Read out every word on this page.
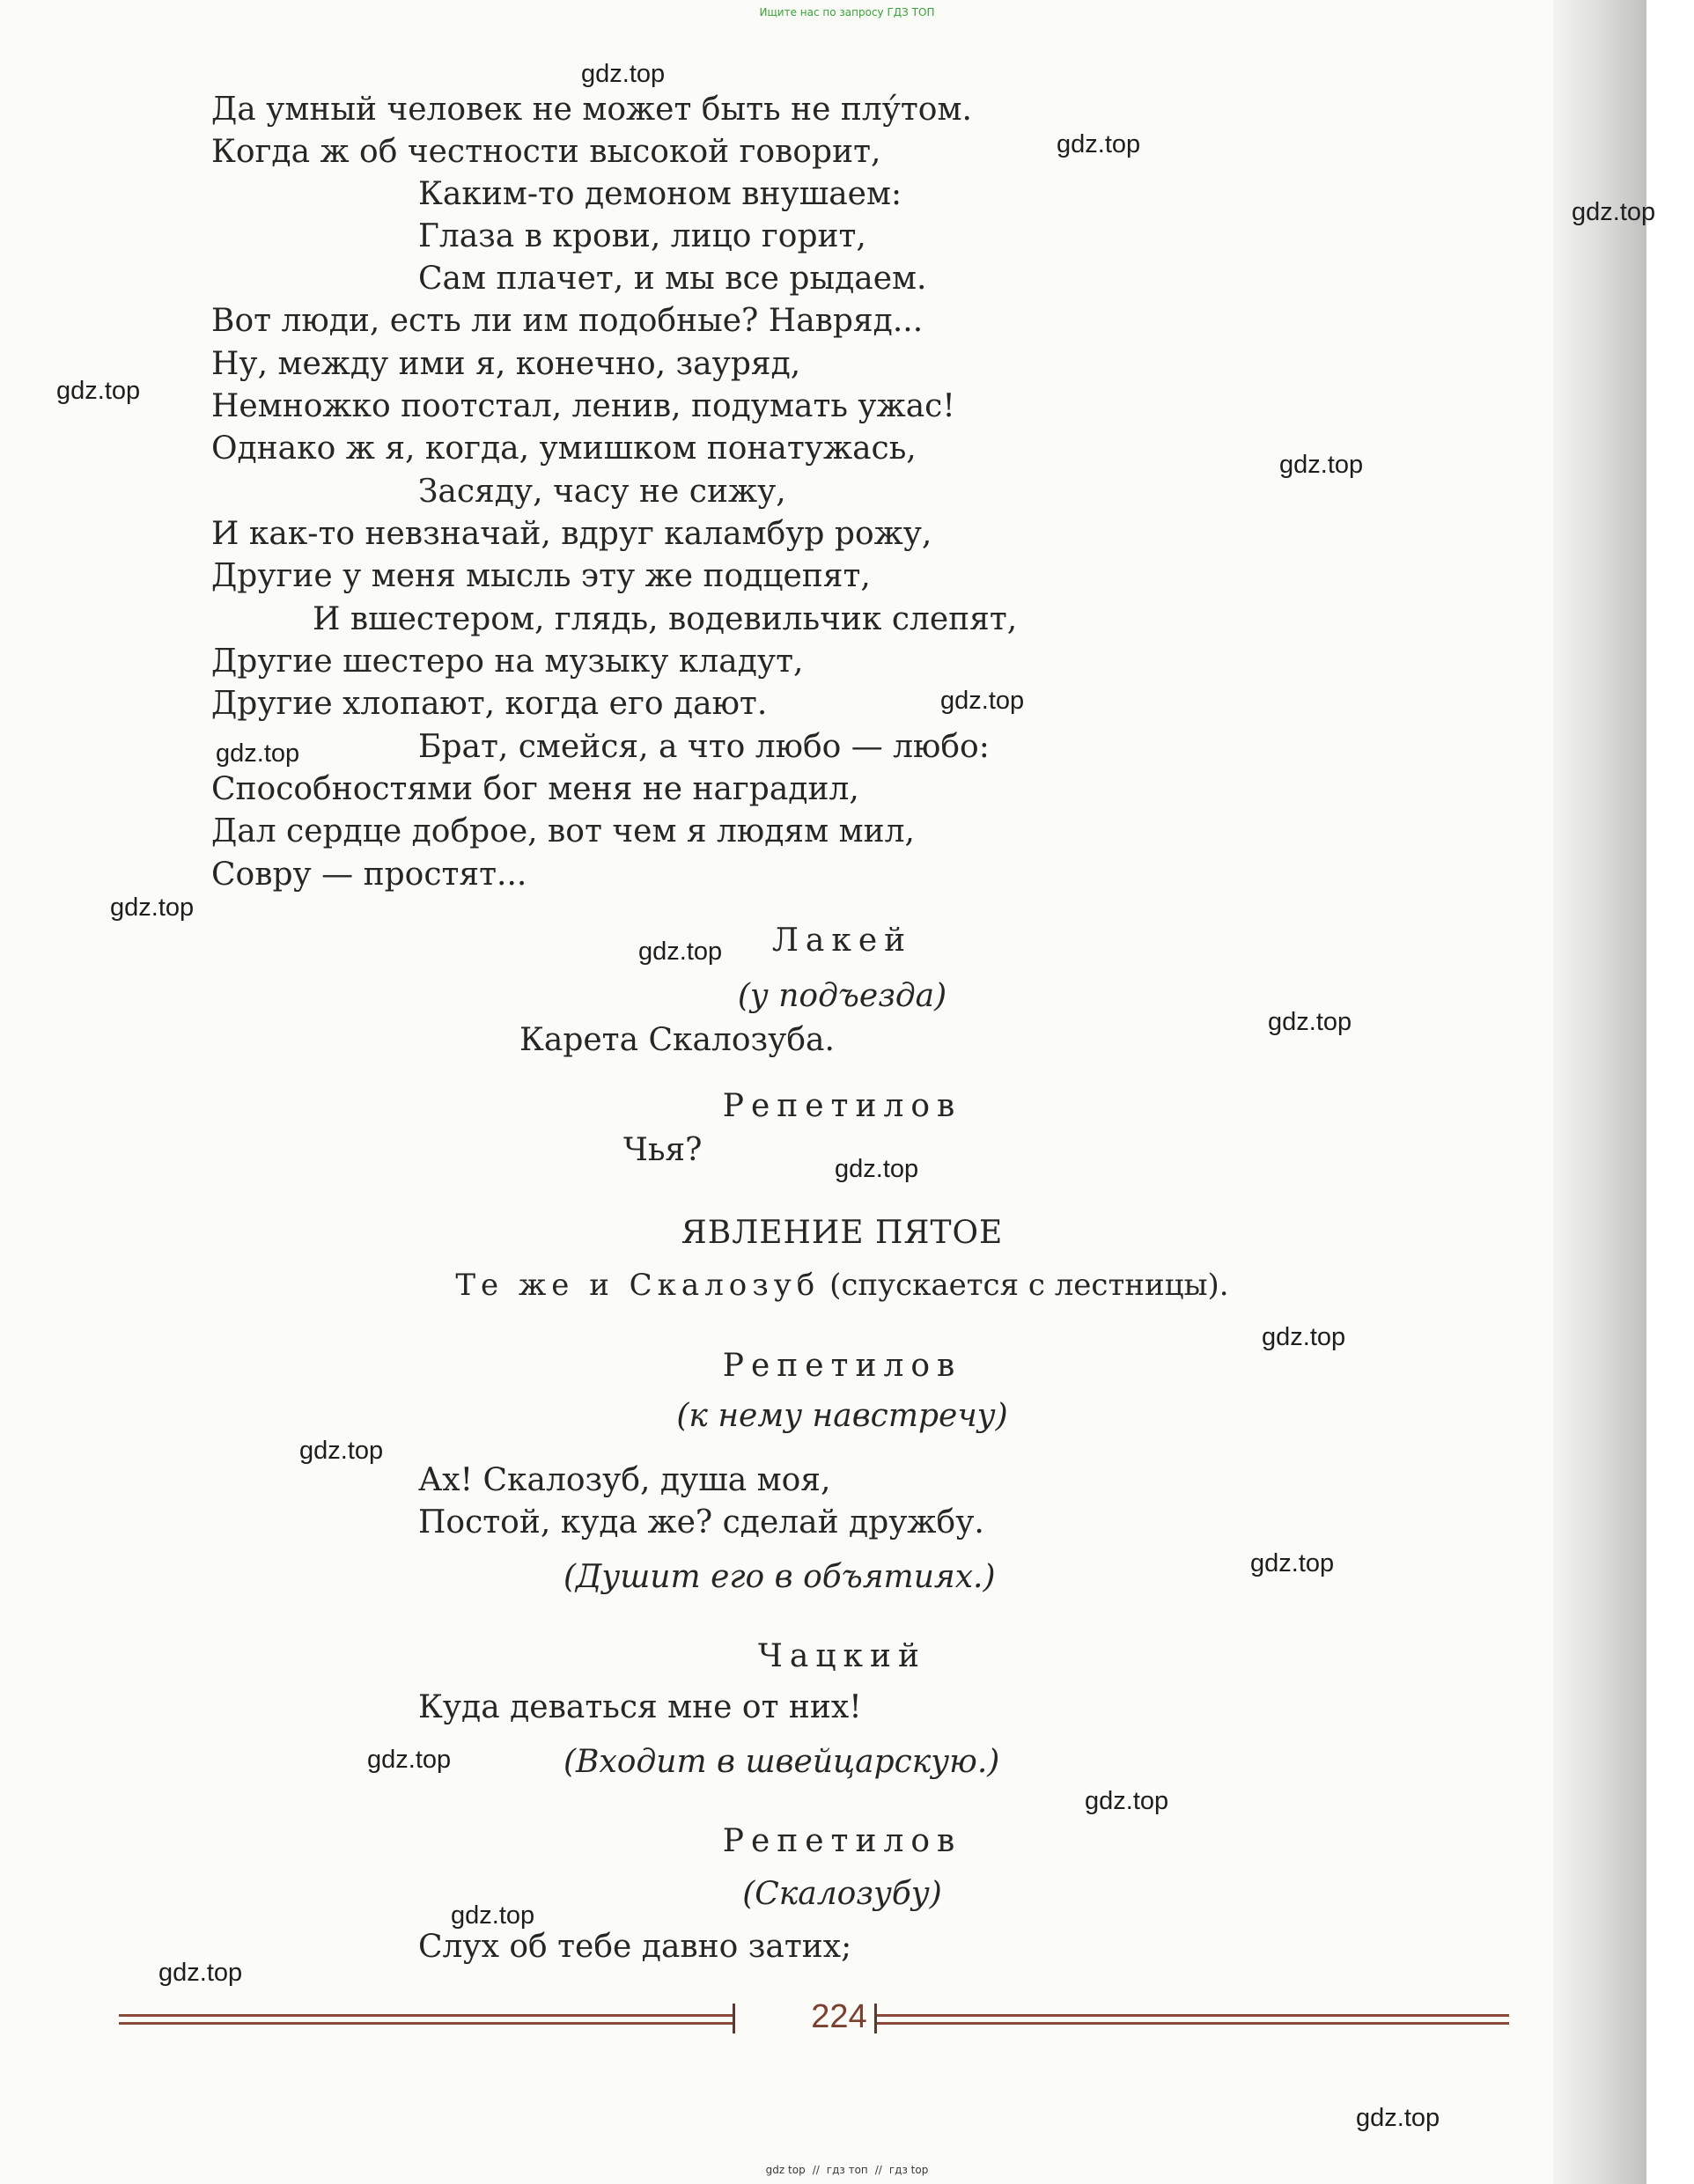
Ищите нас по запросу ГДЗ ТОП
Да умный человек не может быть не плу́том.
Когда ж об честности высокой говорит,
Каким-то демоном внушаем:
Глаза в крови, лицо горит,
Сам плачет, и мы все рыдаем.
Вот люди, есть ли им подобные? Навряд...
Ну, между ими я, конечно, зауряд,
Немножко поотстал, ленив, подумать ужас!
Однако ж я, когда, умишком понатужась,
Засяду, часу не сижу,
И как-то невзначай, вдруг каламбур рожу,
Другие у меня мысль эту же подцепят,
И вшестером, глядь, водевильчик слепят,
Другие шестеро на музыку кладут,
Другие хлопают, когда его дают.
Брат, смейся, а что любо — любо:
Способностями бог меня не наградил,
Дал сердце доброе, вот чем я людям мил,
Совру — простят...
Лакей
(у подъезда)
Карета Скалозуба.
Репетилов
Чья?
ЯВЛЕНИЕ ПЯТОЕ
Те же и Скалозуб (спускается с лестницы).
Репетилов
(к нему навстречу)
Ах! Скалозуб, душа моя,
Постой, куда же? сделай дружбу.
(Душит его в объятиях.)
Чацкий
Куда деваться мне от них!
(Входит в швейцарскую.)
Репетилов
(Скалозубу)
Слух об тебе давно затих;
224
gdz.top
gdz.top
gdz.top
gdz.top
gdz.top
gdz.top
gdz.top
gdz.top
gdz.top
gdz.top
gdz.top
gdz.top
gdz.top
gdz.top
gdz.top
gdz.top
gdz.top
gdz.top
gdz.top
gdz top // гдз топ // гдз top
